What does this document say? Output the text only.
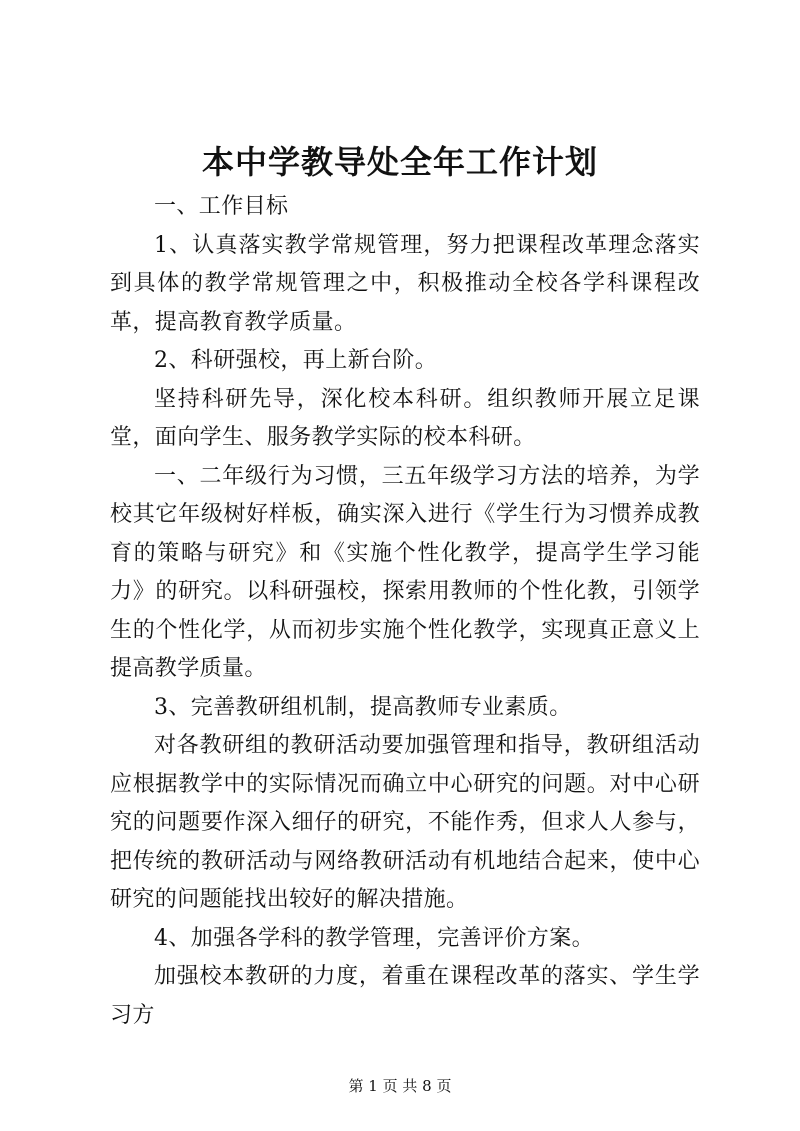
本中学教导处全年工作计划

一、工作目标

1、认真落实教学常规管理，努力把课程改革理念落实到具体的教学常规管理之中，积极推动全校各学科课程改革，提高教育教学质量。

2、科研强校，再上新台阶。

坚持科研先导，深化校本科研。组织教师开展立足课堂，面向学生、服务教学实际的校本科研。

一、二年级行为习惯，三五年级学习方法的培养，为学校其它年级树好样板，确实深入进行《学生行为习惯养成教育的策略与研究》和《实施个性化教学，提高学生学习能力》的研究。以科研强校，探索用教师的个性化教，引领学生的个性化学，从而初步实施个性化教学，实现真正意义上提高教学质量。

3、完善教研组机制，提高教师专业素质。

对各教研组的教研活动要加强管理和指导，教研组活动应根据教学中的实际情况而确立中心研究的问题。对中心研究的问题要作深入细仔的研究，不能作秀，但求人人参与，把传统的教研活动与网络教研活动有机地结合起来，使中心研究的问题能找出较好的解决措施。

4、加强各学科的教学管理，完善评价方案。

加强校本教研的力度，着重在课程改革的落实、学生学习方

第 1 页 共 8 页
